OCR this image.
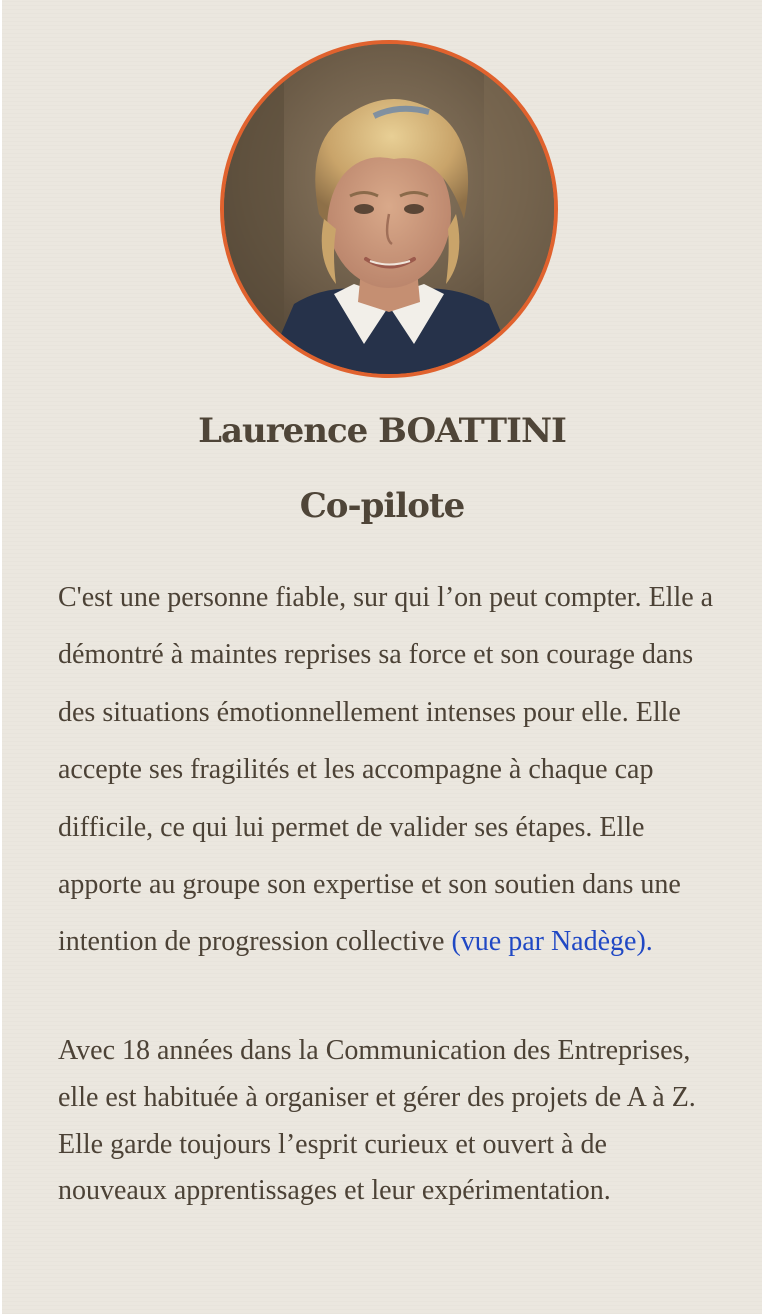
Laurence BOATTINI
Co-pilote
C'est une personne fiable, sur qui l’on peut compter. Elle a démontré à maintes reprises sa force et son courage dans des situations émotionnellement intenses pour elle. Elle accepte ses fragilités et les accompagne à chaque cap difficile, ce qui lui permet de valider ses étapes. Elle apporte au groupe son expertise et son soutien dans une intention de progression collective (vue par Nadège).
Avec 18 années dans la Communication des Entreprises, elle est habituée à organiser et gérer des projets de A à Z. Elle garde toujours l’esprit curieux et ouvert à de nouveaux apprentissages et leur expérimentation.
